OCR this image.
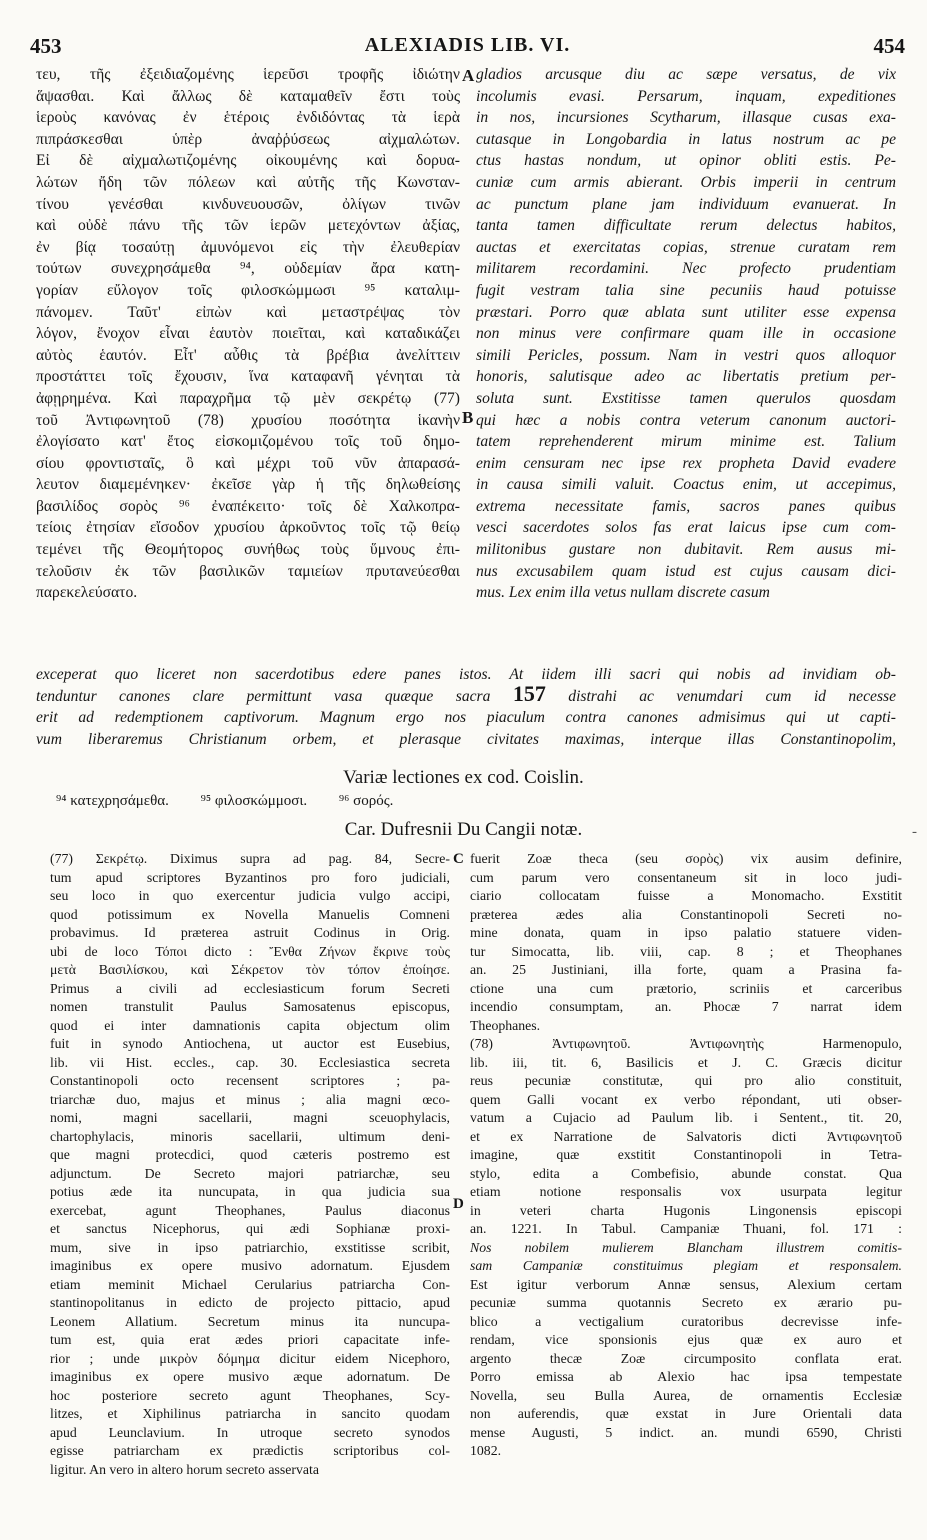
453	ALEXIADIS LIB. VI.	454
τευ, τῆς ἐξειδιαζομένης ἱερεῦσι τροφῆς ἰδιώτην
ἅψασθαι. Καὶ ἄλλως δὲ καταμαθεῖν ἔστι τοὺς
ἱεροὺς κανόνας ἐν ἑτέροις ἐνδιδόντας τὰ ἱερὰ
πιπράσκεσθαι ὑπὲρ ἀναῤῥύσεως αἰχμαλώτων.
Εἰ δὲ αἰχμαλωτιζομένης οἰκουμένης καὶ δορυα-
λώτων ἤδη τῶν πόλεων καὶ αὐτῆς τῆς Κωνσταν-
τίνου γενέσθαι κινδυνευουσῶν, ὀλίγων τινῶν
καὶ οὐδὲ πάνυ τῆς τῶν ἱερῶν μετεχόντων ἀξίας,
ἐν βίᾳ τοσαύτῃ ἀμυνόμενοι εἰς τὴν ἐλευθερίαν
τούτων συνεχρησάμεθα ⁹⁴, οὐδεμίαν ἄρα κατη-
γορίαν εὔλογον τοῖς φιλοσκώμμωσι ⁹⁵ καταλιμ-
πάνομεν. Ταῦτ' εἰπὼν καὶ μεταστρέψας τὸν
λόγον, ἔνοχον εἶναι ἑαυτὸν ποιεῖται, καὶ καταδικάζει
αὐτὸς ἑαυτόν. Εἶτ' αὖθις τὰ βρέβια ἀνελίττειν
προστάττει τοῖς ἔχουσιν, ἵνα καταφανῆ γένηται τὰ
ἀφῃρημένα. Καὶ παραχρῆμα τῷ μὲν σεκρέτῳ (77)
τοῦ Ἀντιφωνητοῦ (78) χρυσίου ποσότητα ἱκανὴν
ἐλογίσατο κατ' ἔτος εἰσκομιζομένου τοῖς τοῦ δημο-
σίου φροντισταῖς, ὃ καὶ μέχρι τοῦ νῦν ἀπαρασά-
λευτον διαμεμένηκεν· ἐκεῖσε γὰρ ἡ τῆς δηλωθείσης
βασιλίδος σορὸς ⁹⁶ ἐναπέκειτο· τοῖς δὲ Χαλκοπρα-
τείοις ἐτησίαν εἴσοδον χρυσίου ἀρκοῦντος τοῖς τῷ θείῳ
τεμένει τῆς Θεομήτορος συνήθως τοὺς ὕμνους ἐπι-
τελοῦσιν ἐκ τῶν βασιλικῶν ταμιείων πρυτανεύεσθαι
παρεκελεύσατο.
gladios arcusque diu ac sæpe versatus, de vix
incolumis evasi. Persarum, inquam, expeditiones
in nos, incursiones Scytharum, illasque cusas exa-
cutasque in Longobardia in latus nostrum ac pe
ctus hastas nondum, ut opinor obliti estis. Pe-
cuniæ cum armis abierant. Orbis imperii in centrum
ac punctum plane jam individuum evanuerat. In
tanta tamen difficultate rerum delectus habitos,
auctas et exercitatas copias, strenue curatam rem
militarem recordamini. Nec profecto prudentiam
fugit vestram talia sine pecuniis haud potuisse
præstari. Porro quæ ablata sunt utiliter esse expensa
non minus vere confirmare quam ille in occasione
simili Pericles, possum. Nam in vestri quos alloquor
honoris, salutisque adeo ac libertatis pretium per-
soluta sunt. Exstitisse tamen querulos quosdam
qui hæc a nobis contra veterum canonum auctori-
tatem reprehenderent mirum minime est. Talium
enim censuram nec ipse rex propheta David evadere
in causa simili valuit. Coactus enim, ut accepimus,
extrema necessitate famis, sacros panes quibus
vesci sacerdotes solos fas erat laicus ipse cum com-
militonibus gustare non dubitavit. Rem ausus mi-
nus excusabilem quam istud est cujus causam dici-
mus. Lex enim illa vetus nullam discrete casum
A
B
exceperat quo liceret non sacerdotibus edere panes istos. At iidem illi sacri qui nobis ad invidiam ob-
tenduntur canones clare permittunt vasa quæque sacra 157 distrahi ac venumdari cum id necesse
erit ad redemptionem captivorum. Magnum ergo nos piaculum contra canones admisimus qui ut capti-
vum liberaremus Christianum orbem, et plerasque civitates maximas, interque illas Constantinopolim,
Variæ lectiones ex cod. Coislin.
⁹⁴ κατεχρησάμεθα. ⁹⁵ φιλοσκώμμοσι. ⁹⁶ σορός.
Car. Dufresnii Du Cangii notæ.	-
(77) Σεκρέτῳ. Diximus supra ad pag. 84, Secre-
tum apud scriptores Byzantinos pro foro judiciali,
seu loco in quo exercentur judicia vulgo accipi,
quod potissimum ex Novella Manuelis Comneni
probavimus. Id præterea astruit Codinus in Orig.
ubi de loco Τόποι dicto : Ἔνθα Ζήνων ἔκρινε τοὺς
μετὰ Βασιλίσκου, καὶ Σέκρετον τὸν τόπον ἐποίησε.
Primus a civili ad ecclesiasticum forum Secreti
nomen transtulit Paulus Samosatenus episcopus,
quod ei inter damnationis capita objectum olim
fuit in synodo Antiochena, ut auctor est Eusebius,
lib. vii Hist. eccles., cap. 30. Ecclesiastica secreta
Constantinopoli octo recensent scriptores ; pa-
triarchæ duo, majus et minus ; alia magni œco-
nomi, magni sacellarii, magni sceuophylacis,
chartophylacis, minoris sacellarii, ultimum deni-
que magni protecdici, quod cæteris postremo est
adjunctum. De Secreto majori patriarchæ, seu
potius æde ita nuncupata, in qua judicia sua
exercebat, agunt Theophanes, Paulus diaconus
et sanctus Nicephorus, qui ædi Sophianæ proxi-
mum, sive in ipso patriarchio, exstitisse scribit,
imaginibus ex opere musivo adornatum. Ejusdem
etiam meminit Michael Cerularius patriarcha Con-
stantinopolitanus in edicto de projecto pittacio, apud
Leonem Allatium. Secretum minus ita nuncupa-
tum est, quia erat ædes priori capacitate infe-
rior ; unde μικρὸν δόμημα dicitur eidem Nicephoro,
imaginibus ex opere musivo æque adornatum. De
hoc posteriore secreto agunt Theophanes, Scy-
litzes, et Xiphilinus patriarcha in sancito quodam
apud Leunclavium. In utroque secreto synodos
egisse patriarcham ex prædictis scriptoribus col-
ligitur. An vero in altero horum secreto asservata
fuerit Zoæ theca (seu σορὸς) vix ausim definire,
cum parum vero consentaneum sit in loco judi-
ciario collocatam fuisse a Monomacho. Exstitit
præterea ædes alia Constantinopoli Secreti no-
mine donata, quam in ipso palatio statuere viden-
tur Simocatta, lib. viii, cap. 8 ; et Theophanes
an. 25 Justiniani, illa forte, quam a Prasina fa-
ctione una cum prætorio, scriniis et carceribus
incendio consumptam, an. Phocæ 7 narrat idem
Theophanes.
(78) Ἀντιφωνητοῦ. Ἀντιφωνητὴς Harmenopulo,
lib. iii, tit. 6, Basilicis et J. C. Græcis dicitur
reus pecuniæ constitutæ, qui pro alio constituit,
quem Galli vocant ex verbo répondant, uti obser-
vatum a Cujacio ad Paulum lib. i Sentent., tit. 20,
et ex Narratione de Salvatoris dicti Ἀντιφωνητοῦ
imagine, quæ exstitit Constantinopoli in Tetra-
stylo, edita a Combefisio, abunde constat. Qua
etiam notione responsalis vox usurpata legitur
in veteri charta Hugonis Lingonensis episcopi
an. 1221. In Tabul. Campaniæ Thuani, fol. 171 :
Nos nobilem mulierem Blancham illustrem comitis-
sam Campaniæ constituimus plegiam et responsalem.
Est igitur verborum Annæ sensus, Alexium certam
pecuniæ summa quotannis Secreto ex ærario pu-
blico a vectigalium curatoribus decrevisse infe-
rendam, vice sponsionis ejus quæ ex auro et
argento thecæ Zoæ circumposito conflata erat.
Porro emissa ab Alexio hac ipsa tempestate
Novella, seu Bulla Aurea, de ornamentis Ecclesiæ
non auferendis, quæ exstat in Jure Orientali data
mense Augusti, 5 indict. an. mundi 6590, Christi
1082.
C
D
